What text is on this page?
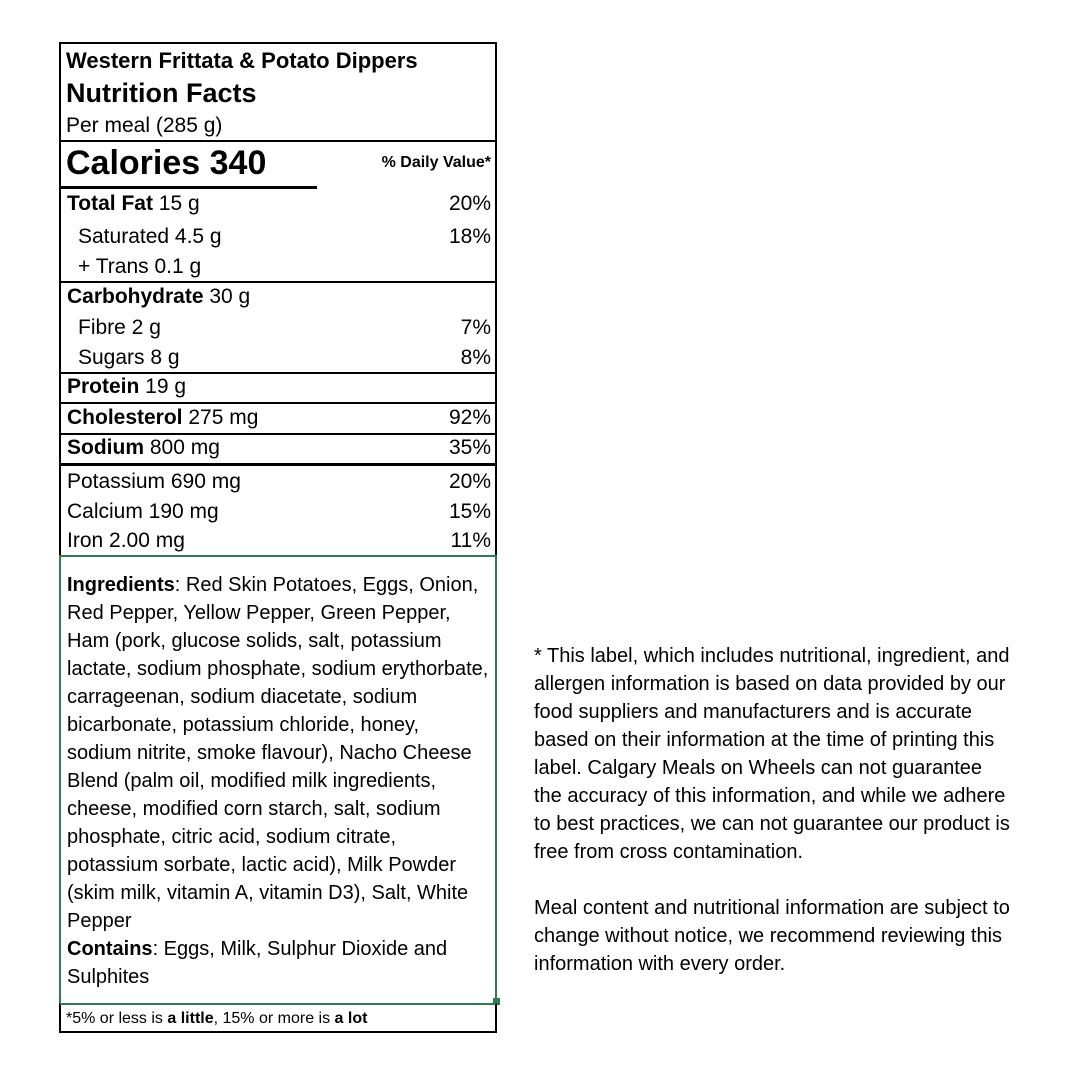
Western Frittata & Potato Dippers
Nutrition Facts
Per meal (285 g)
Calories 340	% Daily Value*
Total Fat 15 g	20%
Saturated 4.5 g	18%
+ Trans 0.1 g
Carbohydrate 30 g
Fibre 2 g	7%
Sugars 8 g	8%
Protein 19 g
Cholesterol 275 mg	92%
Sodium 800 mg	35%
Potassium 690 mg	20%
Calcium 190 mg	15%
Iron 2.00 mg	11%

Ingredients: Red Skin Potatoes, Eggs, Onion, Red Pepper, Yellow Pepper, Green Pepper, Ham (pork, glucose solids, salt, potassium lactate, sodium phosphate, sodium erythorbate, carrageenan, sodium diacetate, sodium bicarbonate, potassium chloride, honey, sodium nitrite, smoke flavour), Nacho Cheese Blend (palm oil, modified milk ingredients, cheese, modified corn starch, salt, sodium phosphate, citric acid, sodium citrate, potassium sorbate, lactic acid), Milk Powder (skim milk, vitamin A, vitamin D3), Salt, White Pepper

Contains: Eggs, Milk, Sulphur Dioxide and Sulphites

*5% or less is a little, 15% or more is a lot

* This label, which includes nutritional, ingredient, and allergen information is based on data provided by our food suppliers and manufacturers and is accurate based on their information at the time of printing this label. Calgary Meals on Wheels can not guarantee the accuracy of this information, and while we adhere to best practices, we can not guarantee our product is free from cross contamination.

Meal content and nutritional information are subject to change without notice, we recommend reviewing this information with every order.
